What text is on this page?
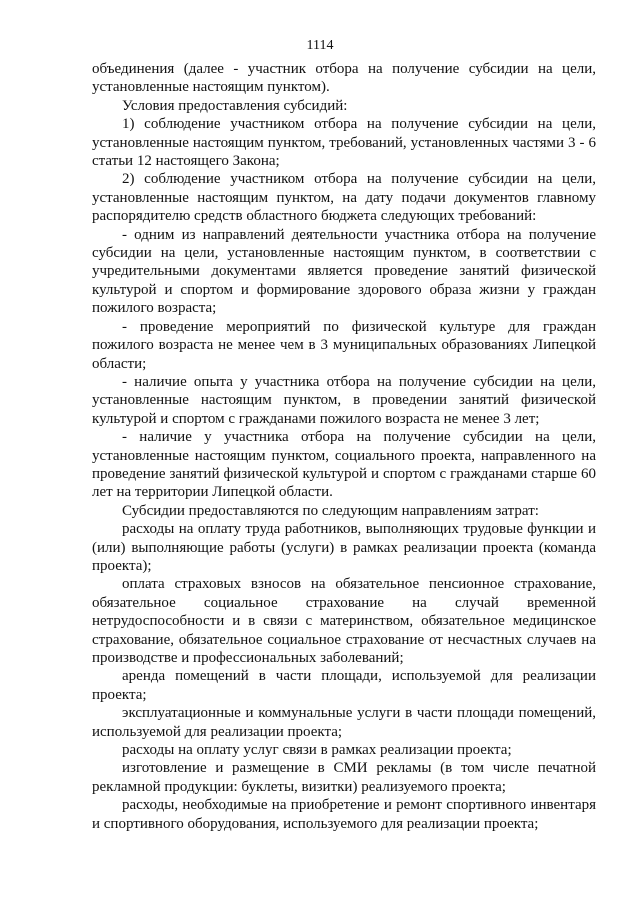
1114

объединения (далее - участник отбора на получение субсидии на цели, установленные настоящим пунктом).

Условия предоставления субсидий:

1) соблюдение участником отбора на получение субсидии на цели, установленные настоящим пунктом, требований, установленных частями 3 - 6 статьи 12 настоящего Закона;

2) соблюдение участником отбора на получение субсидии на цели, установленные настоящим пунктом, на дату подачи документов главному распорядителю средств областного бюджета следующих требований:

- одним из направлений деятельности участника отбора на получение субсидии на цели, установленные настоящим пунктом, в соответствии с учредительными документами является проведение занятий физической культурой и спортом и формирование здорового образа жизни у граждан пожилого возраста;

- проведение мероприятий по физической культуре для граждан пожилого возраста не менее чем в 3 муниципальных образованиях Липецкой области;

- наличие опыта у участника отбора на получение субсидии на цели, установленные настоящим пунктом, в проведении занятий физической культурой и спортом с гражданами пожилого возраста не менее 3 лет;

- наличие у участника отбора на получение субсидии на цели, установленные настоящим пунктом, социального проекта, направленного на проведение занятий физической культурой и спортом с гражданами старше 60 лет на территории Липецкой области.

Субсидии предоставляются по следующим направлениям затрат:

расходы на оплату труда работников, выполняющих трудовые функции и (или) выполняющие работы (услуги) в рамках реализации проекта (команда проекта);

оплата страховых взносов на обязательное пенсионное страхование, обязательное социальное страхование на случай временной нетрудоспособности и в связи с материнством, обязательное медицинское страхование, обязательное социальное страхование от несчастных случаев на производстве и профессиональных заболеваний;

аренда помещений в части площади, используемой для реализации проекта;

эксплуатационные и коммунальные услуги в части площади помещений, используемой для реализации проекта;

расходы на оплату услуг связи в рамках реализации проекта;

изготовление и размещение в СМИ рекламы (в том числе печатной рекламной продукции: буклеты, визитки) реализуемого проекта;

расходы, необходимые на приобретение и ремонт спортивного инвентаря и спортивного оборудования, используемого для реализации проекта;
